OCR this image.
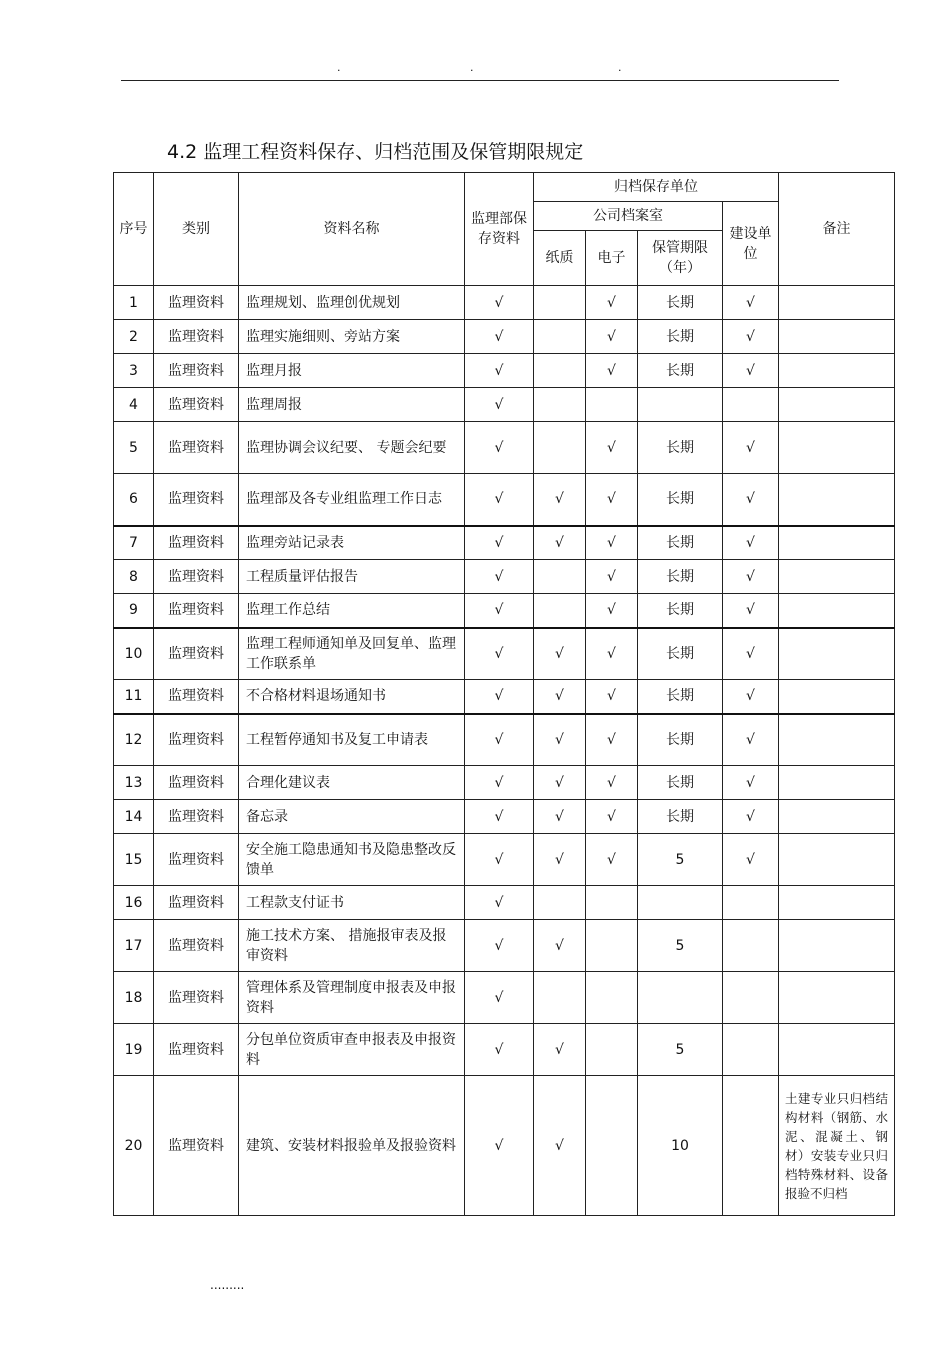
.	.	.
4.2 监理工程资料保存、归档范围及保管期限规定
序号	类别	资料名称	监理部保存资料	归档保存单位				备注
				公司档案室			建设单位	
				纸质	电子	保管期限（年）		
1	监理资料	监理规划、监理创优规划	√		√	长期	√	
2	监理资料	监理实施细则、旁站方案	√		√	长期	√	
3	监理资料	监理月报	√		√	长期	√	
4	监理资料	监理周报	√					
5	监理资料	监理协调会议纪要、 专题会纪要	√		√	长期	√	
6	监理资料	监理部及各专业组监理工作日志	√	√	√	长期	√	
7	监理资料	监理旁站记录表	√	√	√	长期	√	
8	监理资料	工程质量评估报告	√		√	长期	√	
9	监理资料	监理工作总结	√		√	长期	√	
10	监理资料	监理工程师通知单及回复单、监理工作联系单	√	√	√	长期	√	
11	监理资料	不合格材料退场通知书	√	√	√	长期	√	
12	监理资料	工程暂停通知书及复工申请表	√	√	√	长期	√	
13	监理资料	合理化建议表	√	√	√	长期	√	
14	监理资料	备忘录	√	√	√	长期	√	
15	监理资料	安全施工隐患通知书及隐患整改反馈单	√	√	√	5	√	
16	监理资料	工程款支付证书	√					
17	监理资料	施工技术方案、 措施报审表及报审资料	√	√		5		
18	监理资料	管理体系及管理制度申报表及申报资料	√					
19	监理资料	分包单位资质审查申报表及申报资料	√	√		5		
20	监理资料	建筑、安装材料报验单及报验资料	√	√		10		土建专业只归档结构材料（钢筋、水泥、混凝土、钢材）安装专业只归档特殊材料、设备报验不归档
.........
